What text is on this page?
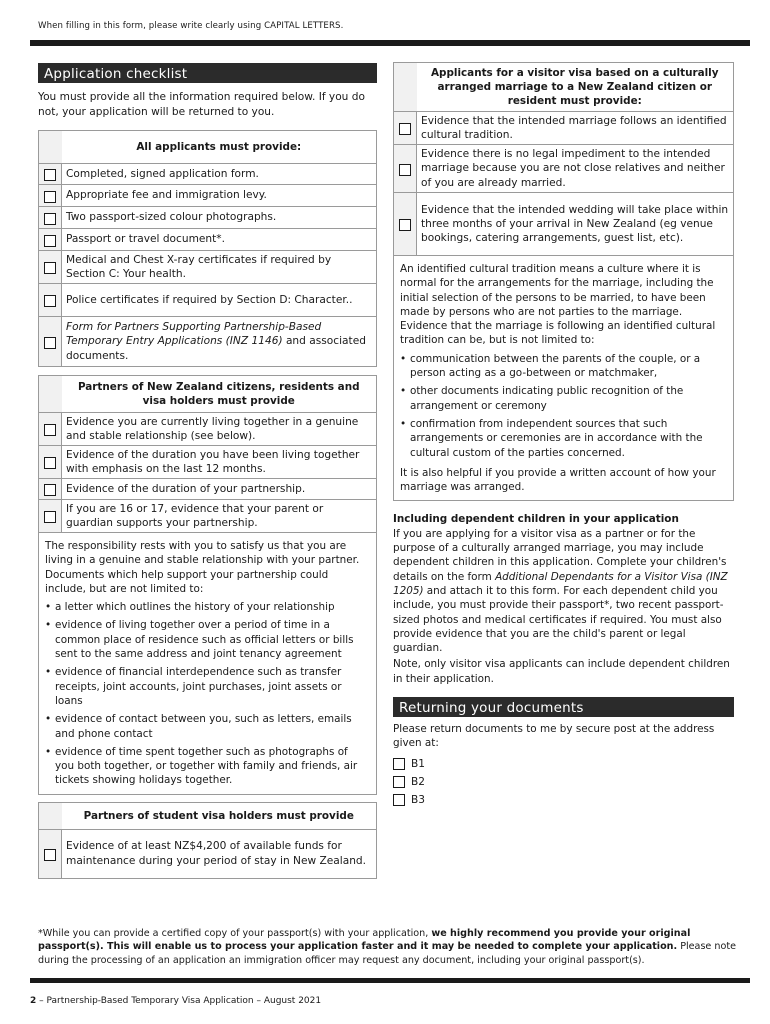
When filling in this form, please write clearly using CAPITAL LETTERS.
Application checklist
You must provide all the information required below. If you do not, your application will be returned to you.
	All applicants must provide:
	Completed, signed application form.
	Appropriate fee and immigration levy.
	Two passport-sized colour photographs.
	Passport or travel document*.
	Medical and Chest X-ray certificates if required by Section C: Your health.
	Police certificates if required by Section D: Character..
	Form for Partners Supporting Partnership-Based Temporary Entry Applications (INZ 1146) and associated documents.
	Partners of New Zealand citizens, residents and visa holders must provide
	Evidence you are currently living together in a genuine and stable relationship (see below).
	Evidence of the duration you have been living together with emphasis on the last 12 months.
	Evidence of the duration of your partnership.
	If you are 16 or 17, evidence that your parent or guardian supports your partnership.
The responsibility rests with you to satisfy us that you are living in a genuine and stable relationship with your partner. Documents which help support your partnership could include, but are not limited to:
• a letter which outlines the history of your relationship
• evidence of living together over a period of time in a common place of residence such as official letters or bills sent to the same address and joint tenancy agreement
• evidence of financial interdependence such as transfer receipts, joint accounts, joint purchases, joint assets or loans
• evidence of contact between you, such as letters, emails and phone contact
• evidence of time spent together such as photographs of you both together, or together with family and friends, air tickets showing holidays together.
	Partners of student visa holders must provide
	Evidence of at least NZ$4,200 of available funds for maintenance during your period of stay in New Zealand.
	Applicants for a visitor visa based on a culturally arranged marriage to a New Zealand citizen or resident must provide:
	Evidence that the intended marriage follows an identified cultural tradition.
	Evidence there is no legal impediment to the intended marriage because you are not close relatives and neither of you are already married.
	Evidence that the intended wedding will take place within three months of your arrival in New Zealand (eg venue bookings, catering arrangements, guest list, etc).
An identified cultural tradition means a culture where it is normal for the arrangements for the marriage, including the initial selection of the persons to be married, to have been made by persons who are not parties to the marriage. Evidence that the marriage is following an identified cultural tradition can be, but is not limited to:
• communication between the parents of the couple, or a person acting as a go-between or matchmaker,
• other documents indicating public recognition of the arrangement or ceremony
• confirmation from independent sources that such arrangements or ceremonies are in accordance with the cultural custom of the parties concerned.
It is also helpful if you provide a written account of how your marriage was arranged.
Including dependent children in your application
If you are applying for a visitor visa as a partner or for the purpose of a culturally arranged marriage, you may include dependent children in this application. Complete your children's details on the form Additional Dependants for a Visitor Visa (INZ 1205) and attach it to this form. For each dependent child you include, you must provide their passport*, two recent passport-sized photos and medical certificates if required. You must also provide evidence that you are the child's parent or legal guardian.
Note, only visitor visa applicants can include dependent children in their application.
Returning your documents
Please return documents to me by secure post at the address given at:
B1
B2
B3
*While you can provide a certified copy of your passport(s) with your application, we highly recommend you provide your original passport(s). This will enable us to process your application faster and it may be needed to complete your application. Please note during the processing of an application an immigration officer may request any document, including your original passport(s).
2 – Partnership-Based Temporary Visa Application – August 2021
